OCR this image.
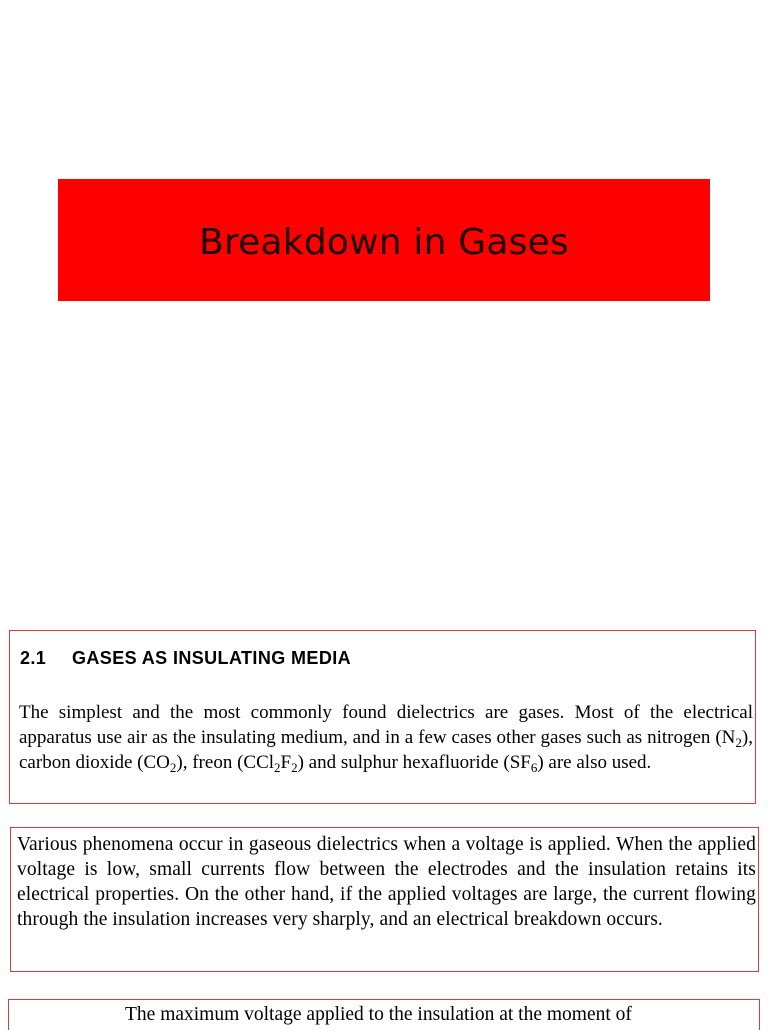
Breakdown in Gases
2.1 GASES AS INSULATING MEDIA
The simplest and the most commonly found dielectrics are gases. Most of the electrical apparatus use air as the insulating medium, and in a few cases other gases such as nitrogen $(N_2)$, carbon dioxide $(CO_2)$, freon $(CCl_2F_2)$ and sulphur hexafluoride $(SF_6)$ are also used.
Various phenomena occur in gaseous dielectrics when a voltage is applied. When the applied voltage is low, small currents flow between the electrodes and the insulation retains its electrical properties. On the other hand, if the applied voltages are large, the current flowing through the insulation increases very sharply, and an electrical breakdown occurs.
The maximum voltage applied to the insulation at the moment of
